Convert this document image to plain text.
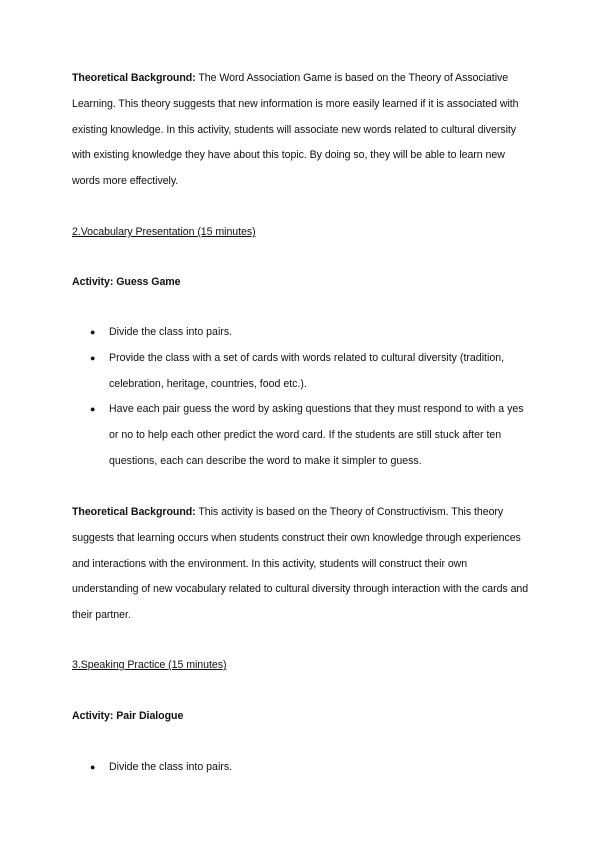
Theoretical Background: The Word Association Game is based on the Theory of Associative Learning. This theory suggests that new information is more easily learned if it is associated with existing knowledge. In this activity, students will associate new words related to cultural diversity with existing knowledge they have about this topic. By doing so, they will be able to learn new words more effectively.

2.Vocabulary Presentation (15 minutes)

Activity: Guess Game

● Divide the class into pairs.
● Provide the class with a set of cards with words related to cultural diversity (tradition, celebration, heritage, countries, food etc.).
● Have each pair guess the word by asking questions that they must respond to with a yes or no to help each other predict the word card. If the students are still stuck after ten questions, each can describe the word to make it simpler to guess.

Theoretical Background: This activity is based on the Theory of Constructivism. This theory suggests that learning occurs when students construct their own knowledge through experiences and interactions with the environment. In this activity, students will construct their own understanding of new vocabulary related to cultural diversity through interaction with the cards and their partner.

3.Speaking Practice (15 minutes)

Activity: Pair Dialogue

● Divide the class into pairs.
